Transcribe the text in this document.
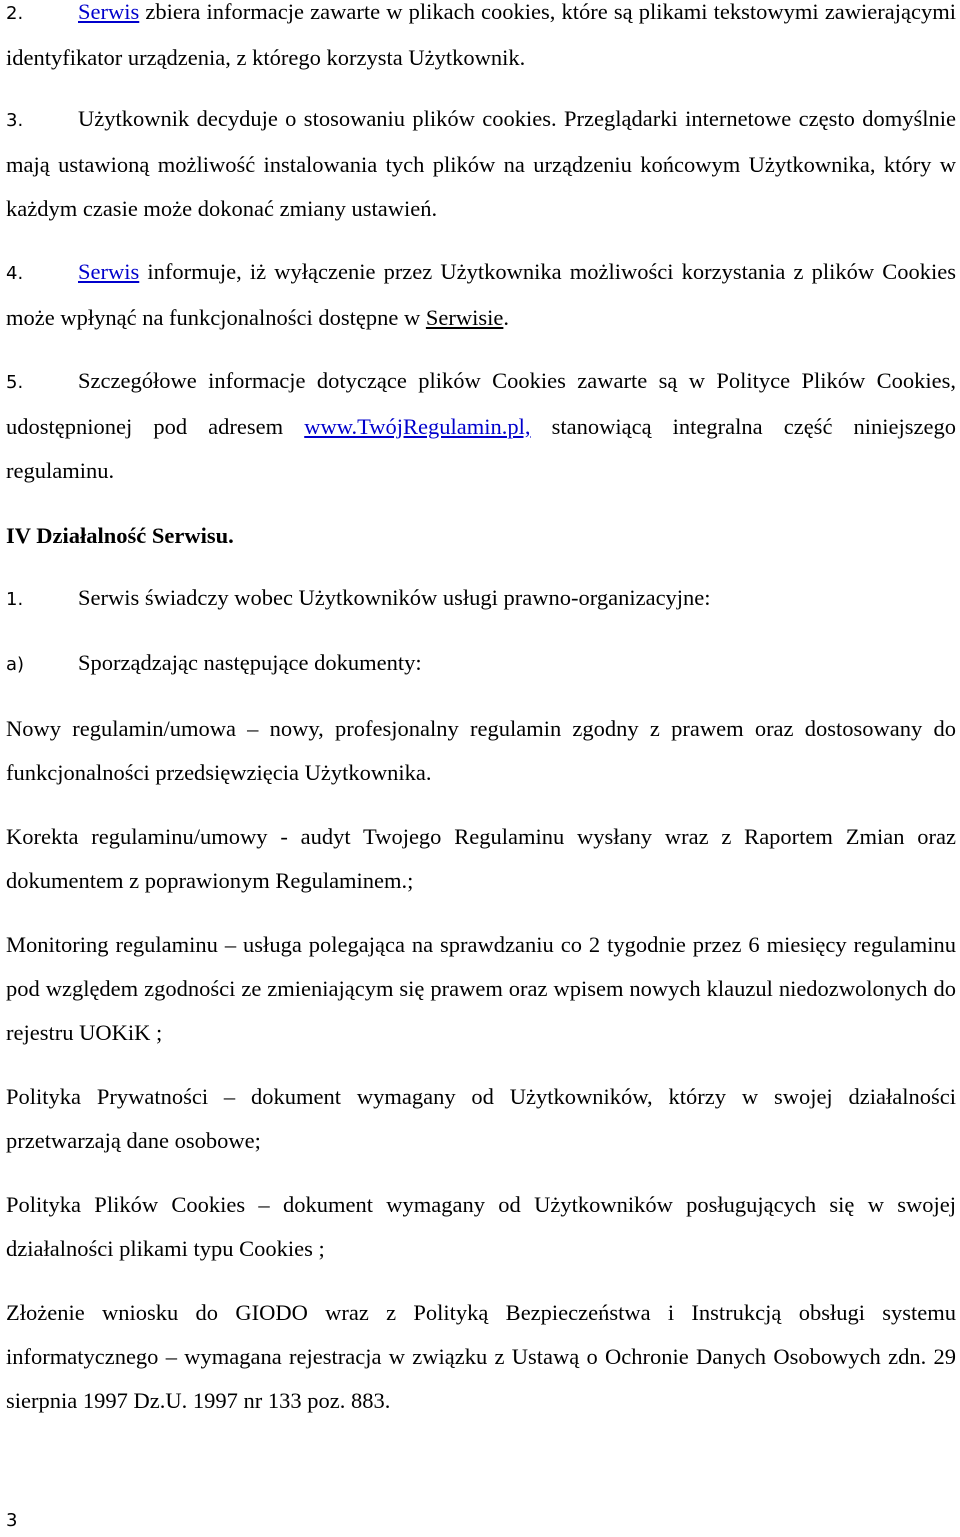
2. Serwis zbiera informacje zawarte w plikach cookies, które są plikami tekstowymi zawierającymi identyfikator urządzenia, z którego korzysta Użytkownik.
3. Użytkownik decyduje o stosowaniu plików cookies. Przeglądarki internetowe często domyślnie mają ustawioną możliwość instalowania tych plików na urządzeniu końcowym Użytkownika, który w każdym czasie może dokonać zmiany ustawień.
4. Serwis informuje, iż wyłączenie przez Użytkownika możliwości korzystania z plików Cookies może wpłynąć na funkcjonalności dostępne w Serwisie.
5. Szczegółowe informacje dotyczące plików Cookies zawarte są w Polityce Plików Cookies, udostępnionej pod adresem www.TwójRegulamin.pl, stanowiącą integralna część niniejszego regulaminu.
IV Działalność Serwisu.
1. Serwis świadczy wobec Użytkowników usługi prawno-organizacyjne:
a) Sporządzając następujące dokumenty:
Nowy regulamin/umowa – nowy, profesjonalny regulamin zgodny z prawem oraz dostosowany do funkcjonalności przedsięwzięcia Użytkownika.
Korekta regulaminu/umowy - audyt Twojego Regulaminu wysłany wraz z Raportem Zmian oraz dokumentem z poprawionym Regulaminem.;
Monitoring regulaminu – usługa polegająca na sprawdzaniu co 2 tygodnie przez 6 miesięcy regulaminu pod względem zgodności ze zmieniającym się prawem oraz wpisem nowych klauzul niedozwolonych do rejestru UOKiK ;
Polityka Prywatności – dokument wymagany od Użytkowników, którzy w swojej działalności przetwarzają dane osobowe;
Polityka Plików Cookies – dokument wymagany od Użytkowników posługujących się w swojej działalności plikami typu Cookies ;
Złożenie wniosku do GIODO wraz z Polityką Bezpieczeństwa i Instrukcją obsługi systemu informatycznego – wymagana rejestracja w związku z Ustawą o Ochronie Danych Osobowych zdn. 29 sierpnia 1997 Dz.U. 1997 nr 133 poz. 883.
3
